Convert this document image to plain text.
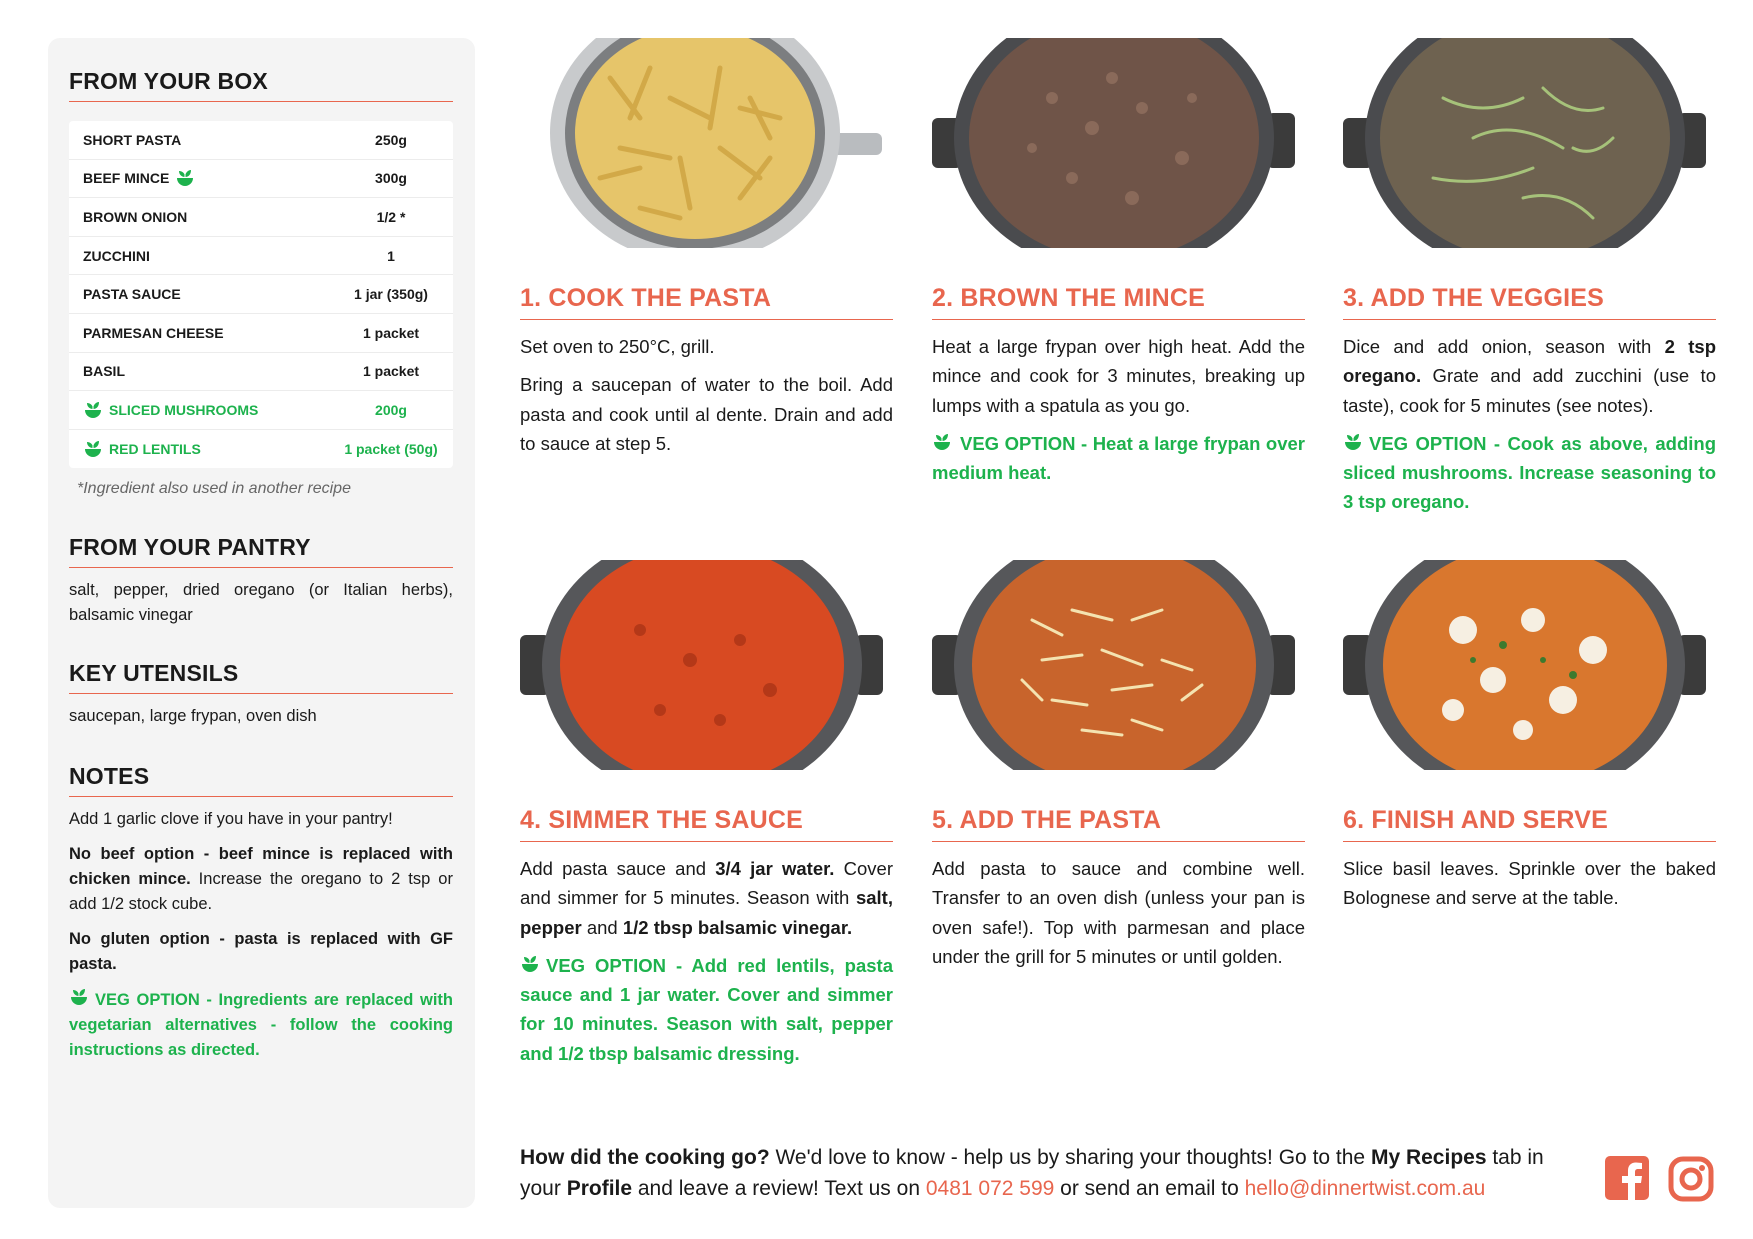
FROM YOUR BOX
SHORT PASTA	250g
BEEF MINCE	300g
BROWN ONION	1/2 *
ZUCCHINI	1
PASTA SAUCE	1 jar (350g)
PARMESAN CHEESE	1 packet
BASIL	1 packet
SLICED MUSHROOMS	200g
RED LENTILS	1 packet (50g)

*Ingredient also used in another recipe

FROM YOUR PANTRY

salt, pepper, dried oregano (or Italian herbs), balsamic vinegar

KEY UTENSILS

saucepan, large frypan, oven dish

NOTES

Add 1 garlic clove if you have in your pantry!

No beef option - beef mince is replaced with chicken mince. Increase the oregano to 2 tsp or add 1/2 stock cube.

No gluten option - pasta is replaced with GF pasta.

VEG OPTION - Ingredients are replaced with vegetarian alternatives - follow the cooking instructions as directed.

1. COOK THE PASTA

Set oven to 250°C, grill.

Bring a saucepan of water to the boil. Add pasta and cook until al dente. Drain and add to sauce at step 5.

2. BROWN THE MINCE

Heat a large frypan over high heat. Add the mince and cook for 3 minutes, breaking up lumps with a spatula as you go.

VEG OPTION - Heat a large frypan over medium heat.

3. ADD THE VEGGIES

Dice and add onion, season with 2 tsp oregano. Grate and add zucchini (use to taste), cook for 5 minutes (see notes).

VEG OPTION - Cook as above, adding sliced mushrooms. Increase seasoning to 3 tsp oregano.

4. SIMMER THE SAUCE

Add pasta sauce and 3/4 jar water. Cover and simmer for 5 minutes. Season with salt, pepper and 1/2 tbsp balsamic vinegar.

VEG OPTION - Add red lentils, pasta sauce and 1 jar water. Cover and simmer for 10 minutes. Season with salt, pepper and 1/2 tbsp balsamic dressing.

5. ADD THE PASTA

Add pasta to sauce and combine well. Transfer to an oven dish (unless your pan is oven safe!). Top with parmesan and place under the grill for 5 minutes or until golden.

6. FINISH AND SERVE

Slice basil leaves. Sprinkle over the baked Bolognese and serve at the table.

How did the cooking go? We'd love to know - help us by sharing your thoughts! Go to the My Recipes tab in your Profile and leave a review! Text us on 0481 072 599 or send an email to hello@dinnertwist.com.au
